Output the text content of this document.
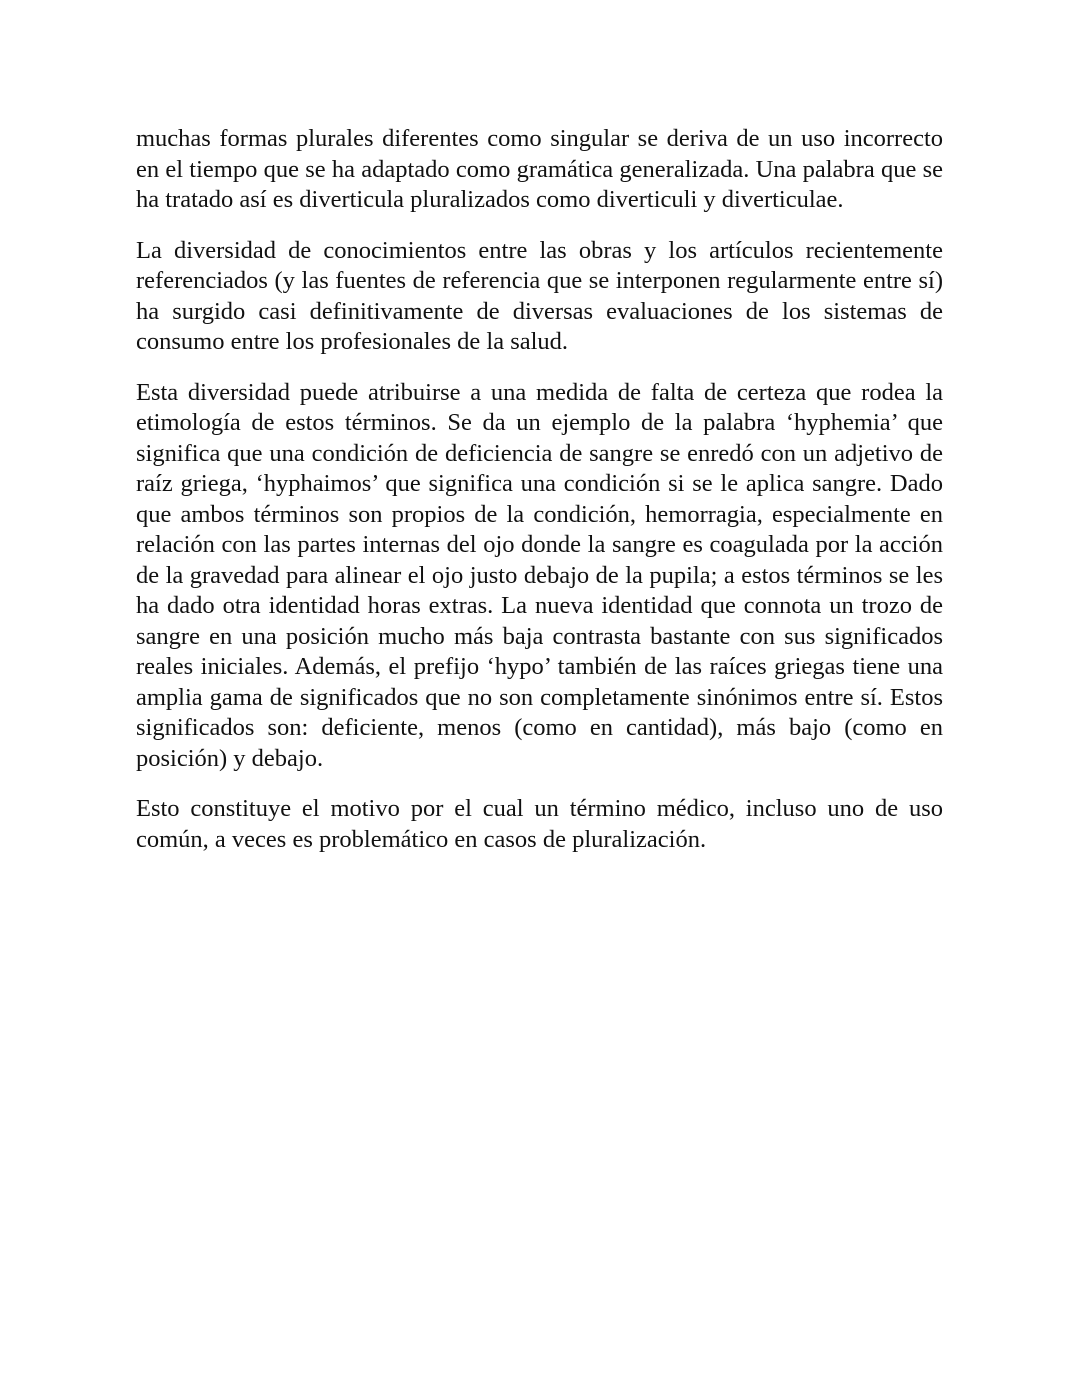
muchas formas plurales diferentes como singular se deriva de un uso incorrecto en el tiempo que se ha adaptado como gramática generalizada. Una palabra que se ha tratado así es diverticula pluralizados como diverticuli y diverticulae.

La diversidad de conocimientos entre las obras y los artículos recientemente referenciados (y las fuentes de referencia que se interponen regularmente entre sí) ha surgido casi definitivamente de diversas evaluaciones de los sistemas de consumo entre los profesionales de la salud.

Esta diversidad puede atribuirse a una medida de falta de certeza que rodea la etimología de estos términos. Se da un ejemplo de la palabra ‘hyphemia’ que significa que una condición de deficiencia de sangre se enredó con un adjetivo de raíz griega, ‘hyphaimos’ que significa una condición si se le aplica sangre. Dado que ambos términos son propios de la condición, hemorragia, especialmente en relación con las partes internas del ojo donde la sangre es coagulada por la acción de la gravedad para alinear el ojo justo debajo de la pupila; a estos términos se les ha dado otra identidad horas extras. La nueva identidad que connota un trozo de sangre en una posición mucho más baja contrasta bastante con sus significados reales iniciales. Además, el prefijo ‘hypo’ también de las raíces griegas tiene una amplia gama de significados que no son completamente sinónimos entre sí. Estos significados son: deficiente, menos (como en cantidad), más bajo (como en posición) y debajo.

Esto constituye el motivo por el cual un término médico, incluso uno de uso común, a veces es problemático en casos de pluralización.
